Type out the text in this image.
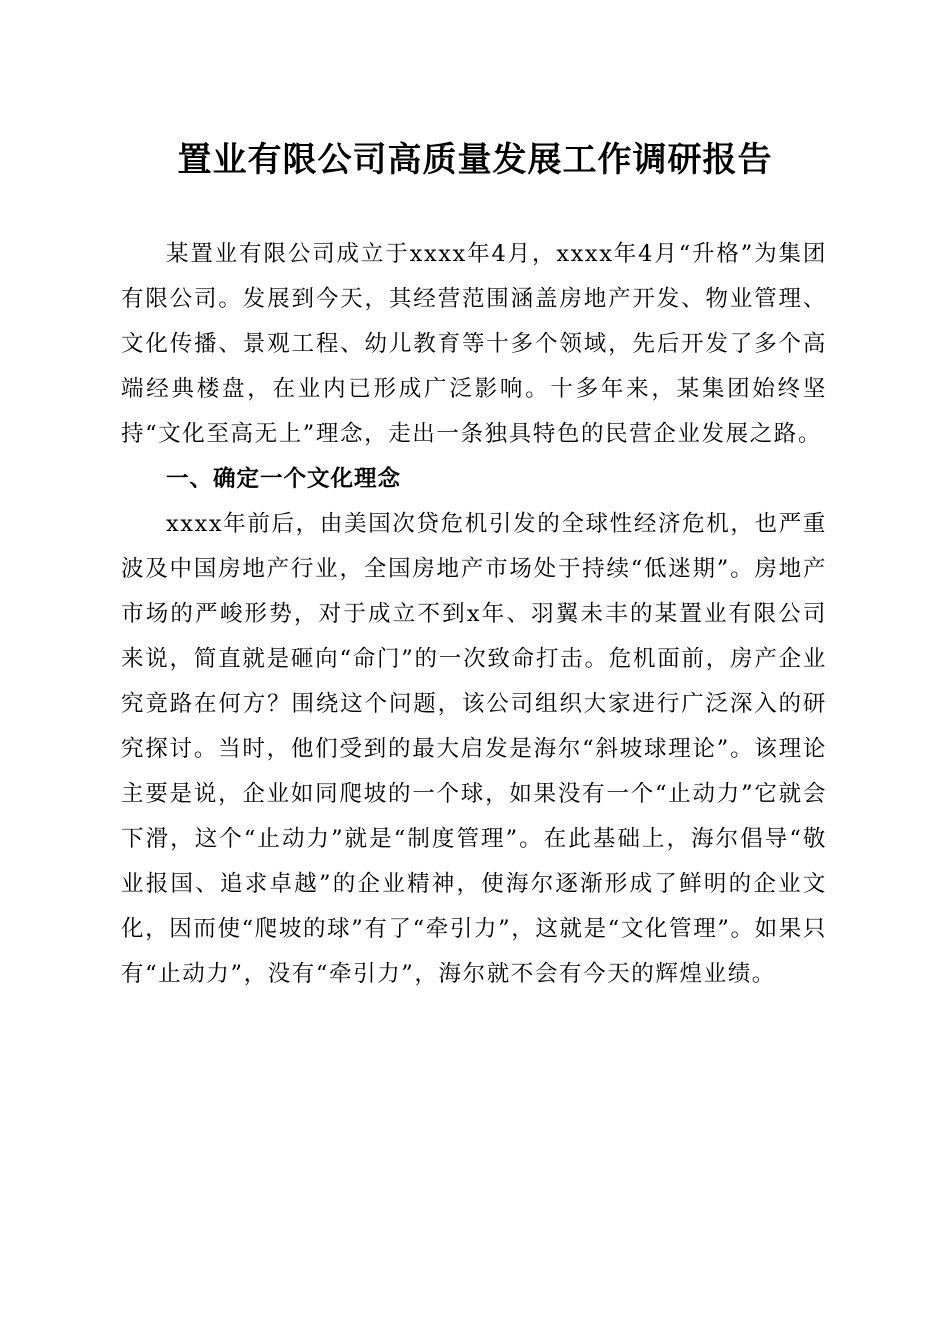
置业有限公司高质量发展工作调研报告

某置业有限公司成立于xxxx年4月，xxxx年4月“升格”为集团有限公司。发展到今天，其经营范围涵盖房地产开发、物业管理、文化传播、景观工程、幼儿教育等十多个领域，先后开发了多个高端经典楼盘，在业内已形成广泛影响。十多年来，某集团始终坚持“文化至高无上”理念，走出一条独具特色的民营企业发展之路。

一、确定一个文化理念

xxxx年前后，由美国次贷危机引发的全球性经济危机，也严重波及中国房地产行业，全国房地产市场处于持续“低迷期”。房地产市场的严峻形势，对于成立不到x年、羽翼未丰的某置业有限公司来说，简直就是砸向“命门”的一次致命打击。危机面前，房产企业究竟路在何方？围绕这个问题，该公司组织大家进行广泛深入的研究探讨。当时，他们受到的最大启发是海尔“斜坡球理论”。该理论主要是说，企业如同爬坡的一个球，如果没有一个“止动力”它就会下滑，这个“止动力”就是“制度管理”。在此基础上，海尔倡导“敬业报国、追求卓越”的企业精神，使海尔逐渐形成了鲜明的企业文化，因而使“爬坡的球”有了“牵引力”，这就是“文化管理”。如果只有“止动力”，没有“牵引力”，海尔就不会有今天的辉煌业绩。
